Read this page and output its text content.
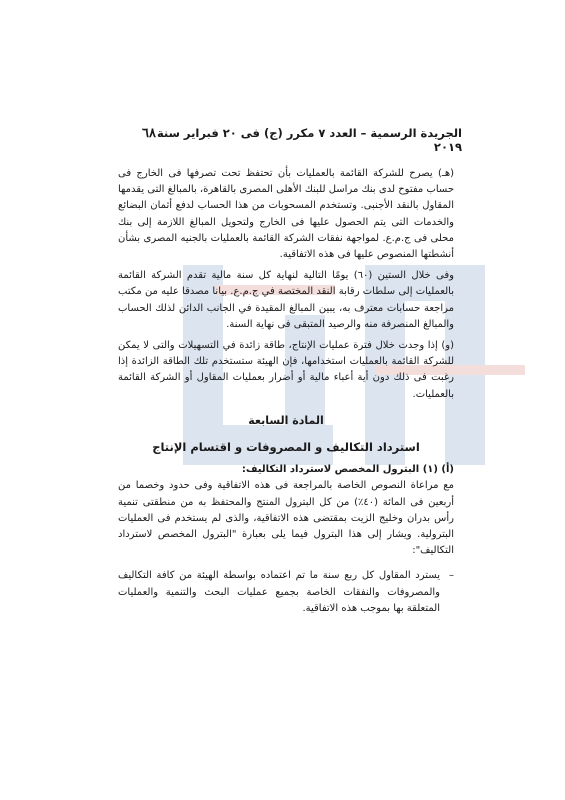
الجريدة الرسمية – العدد ٧ مكرر (ج) فى ٢٠ فبراير سنة ٢٠١٩
٦٨

(هـ) يصرح للشركة القائمة بالعمليات بأن تحتفظ تحت تصرفها فى الخارج فى حساب مفتوح لدى بنك مراسل للبنك الأهلى المصرى بالقاهرة، بالمبالغ التى يقدمها المقاول بالنقد الأجنبى. وتستخدم المسحوبات من هذا الحساب لدفع أثمان البضائع والخدمات التى يتم الحصول عليها فى الخارج ولتحويل المبالغ اللازمة إلى بنك محلى فى ج.م.ع. لمواجهة نفقات الشركة القائمة بالعمليات بالجنيه المصرى بشأن أنشطتها المنصوص عليها فى هذه الاتفاقية.

وفى خلال الستين (٦٠) يومًا التالية لنهاية كل سنة مالية تقدم الشركة القائمة بالعمليات إلى سلطات رقابة النقد المختصة في ج.م.ع. بيانا مصدقا عليه من مكتب مراجعة حسابات معترف به، يبين المبالغ المقيدة في الجانب الدائن لذلك الحساب والمبالغ المنصرفة منه والرصيد المتبقى فى نهاية السنة.

(و) إذا وجدت خلال فترة عمليات الإنتاج، طاقة زائدة في التسهيلات والتى لا يمكن للشركة القائمة بالعمليات استخدامها، فإن الهيئة ستستخدم تلك الطاقة الزائدة إذا رغبت فى ذلك دون أية أعباء مالية أو أضرار بعمليات المقاول أو الشركة القائمة بالعمليات.

المادة السابعة

استرداد التكاليف و المصروفات و اقتسام الإنتاج

(أ) (١) البترول المخصص لاسترداد التكاليف:

مع مراعاة النصوص الخاصة بالمراجعة فى هذه الاتفاقية وفى حدود وخصما من أربعين فى المائة (٤٠٪) من كل البترول المنتج والمحتفظ به من منطقتى تنمية رأس بدران وخليج الزيت بمقتضى هذه الاتفاقية، والذى لم يستخدم فى العمليات البترولية. ويشار إلى هذا البترول فيما يلى بعبارة "البترول المخصص لاسترداد التكاليف":

–
يسترد المقاول كل ربع سنة ما تم اعتماده بواسطة الهيئة من كافة التكاليف والمصروفات والنفقات الخاصة بجميع عمليات البحث والتنمية والعمليات المتعلقة بها بموجب هذه الاتفاقية.
